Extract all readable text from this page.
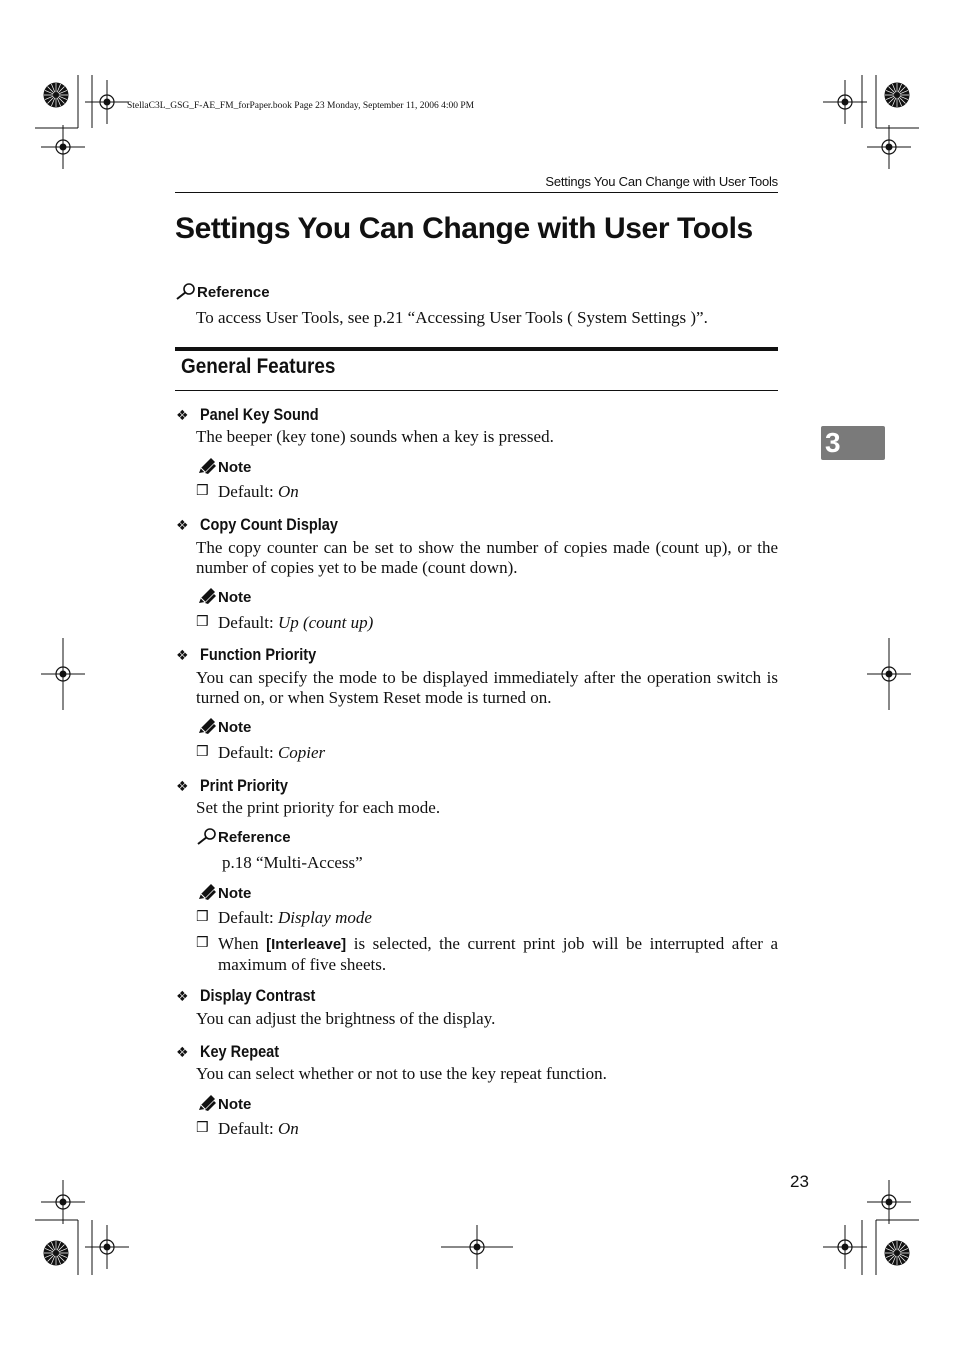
StellaC3L_GSG_F-AE_FM_forPaper.book Page 23 Monday, September 11, 2006 4:00 PM
Settings You Can Change with User Tools
Settings You Can Change with User Tools
Reference
To access User Tools, see p.21 “Accessing User Tools ( System Settings )”.
General Features
❖ Panel Key Sound
The beeper (key tone) sounds when a key is pressed.
Note
❒ Default: On
❖ Copy Count Display
The copy counter can be set to show the number of copies made (count up), or the number of copies yet to be made (count down).
Note
❒ Default: Up (count up)
❖ Function Priority
You can specify the mode to be displayed immediately after the operation switch is turned on, or when System Reset mode is turned on.
Note
❒ Default: Copier
❖ Print Priority
Set the print priority for each mode.
Reference
p.18 “Multi-Access”
Note
❒ Default: Display mode
❒ When [Interleave] is selected, the current print job will be interrupted after a maximum of five sheets.
❖ Display Contrast
You can adjust the brightness of the display.
❖ Key Repeat
You can select whether or not to use the key repeat function.
Note
❒ Default: On
3
23
